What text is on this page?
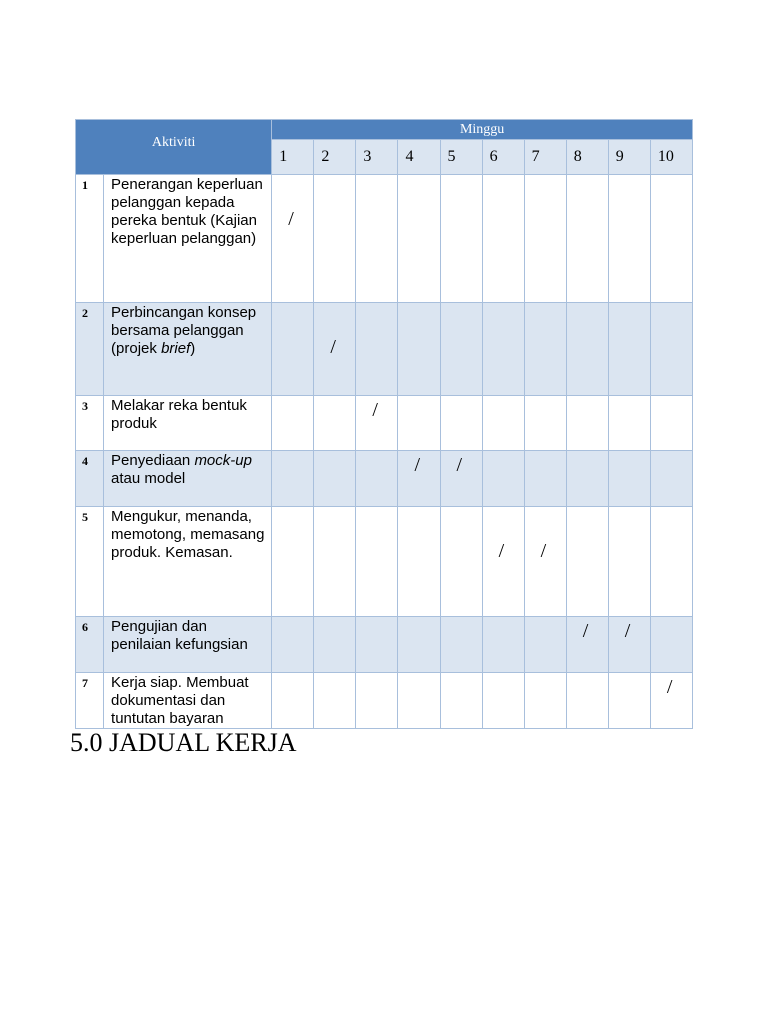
Aktiviti		Minggu									
		1	2	3	4	5	6	7	8	9	10
1	Penerangan keperluan pelanggan kepada pereka bentuk (Kajian keperluan pelanggan)	/									

2	Perbincangan konsep bersama pelanggan (projek brief)		/								

3	Melakar reka bentuk produk			/							

4	Penyediaan mock-up atau model				/	/					

5	Mengukur, menanda, memotong, memasang produk. Kemasan.						/	/			

6	Pengujian dan penilaian kefungsian								/	/	

7	Kerja siap. Membuat dokumentasi dan tuntutan bayaran										/
5.0 JADUAL KERJA
